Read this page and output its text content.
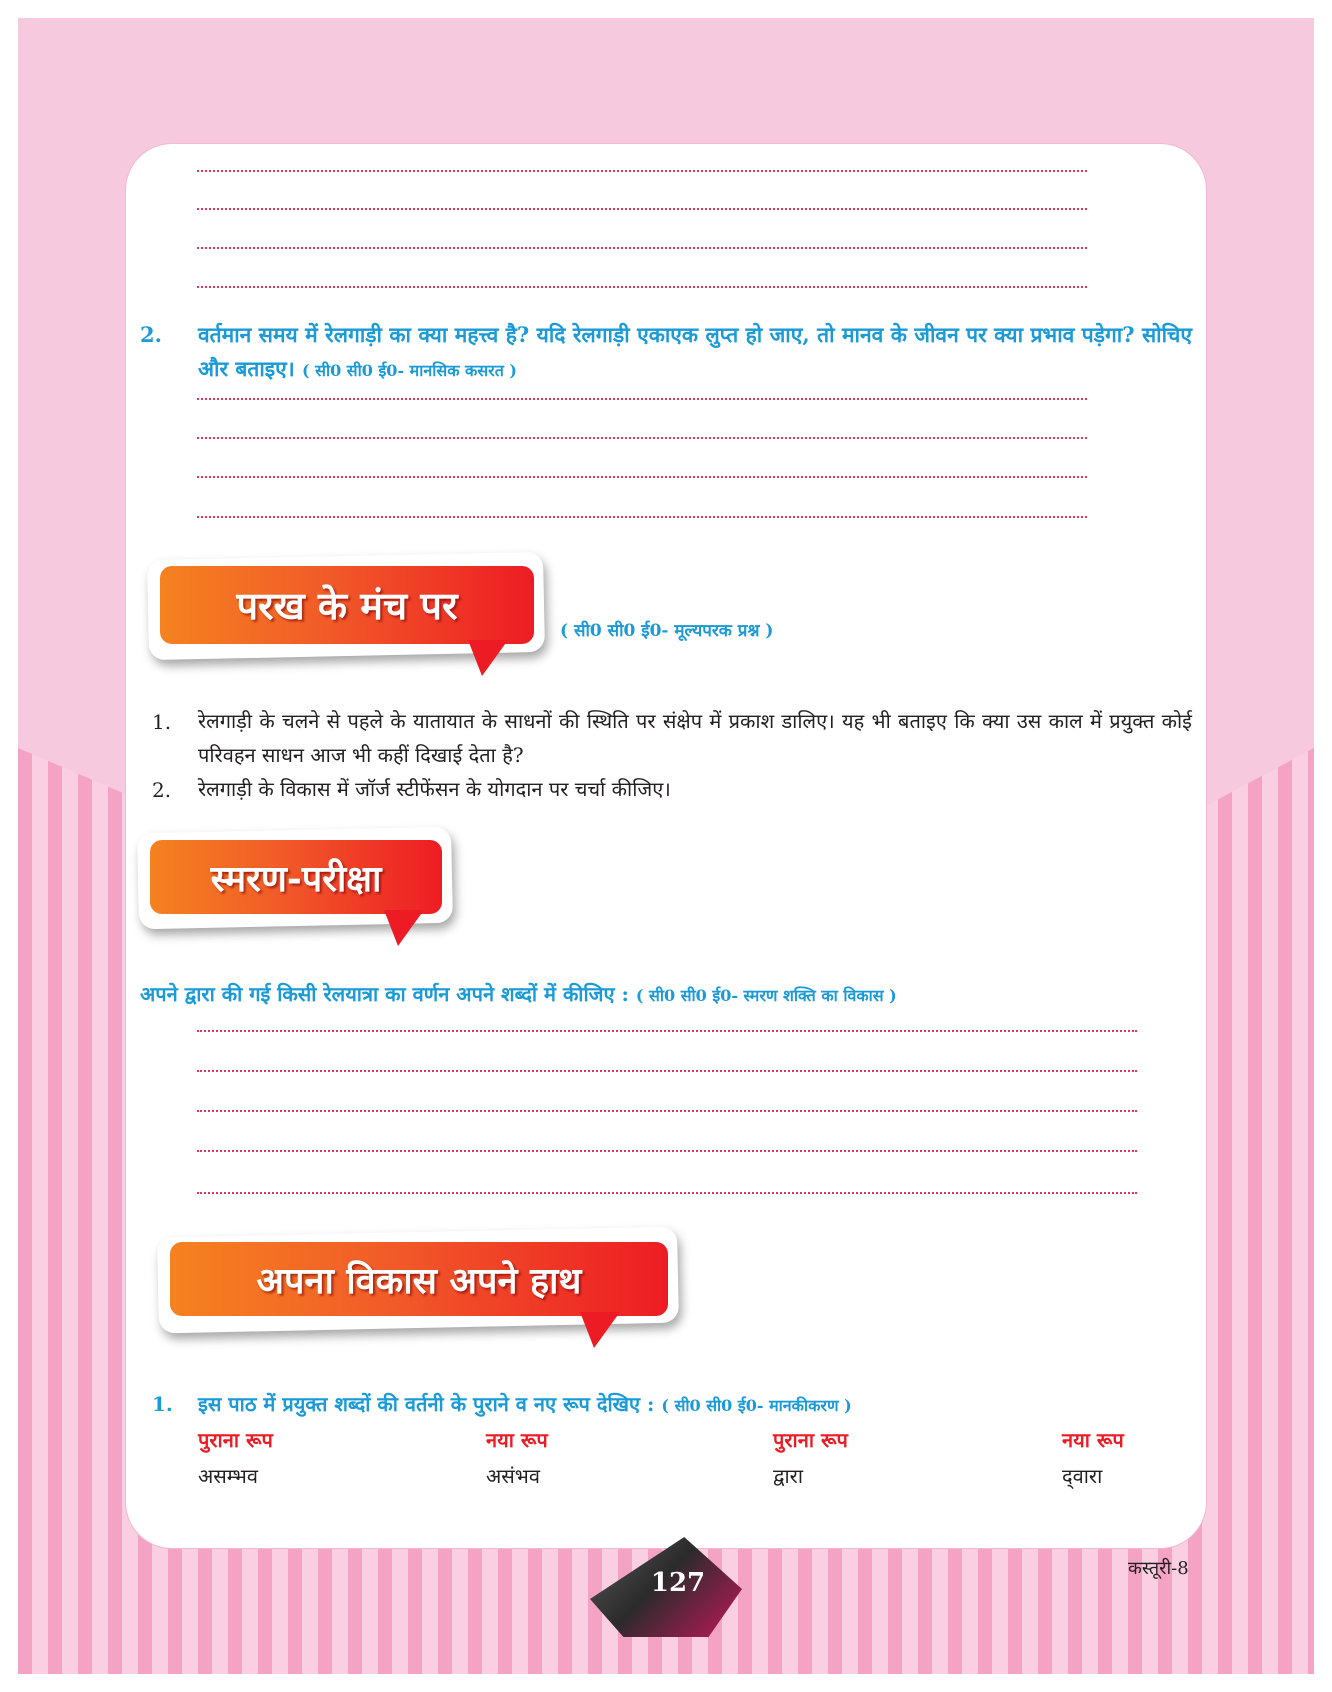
2. वर्तमान समय में रेलगाड़ी का क्या महत्त्व है? यदि रेलगाड़ी एकाएक लुप्त हो जाए, तो मानव के जीवन पर क्या प्रभाव पड़ेगा? सोचिए और बताइए। ( सी0 सी0 ई0- मानसिक कसरत )
परख के मंच पर
( सी0 सी0 ई0- मूल्यपरक प्रश्न )
1. रेलगाड़ी के चलने से पहले के यातायात के साधनों की स्थिति पर संक्षेप में प्रकाश डालिए। यह भी बताइए कि क्या उस काल में प्रयुक्त कोई परिवहन साधन आज भी कहीं दिखाई देता है?
2. रेलगाड़ी के विकास में जॉर्ज स्टीफेंसन के योगदान पर चर्चा कीजिए।
स्मरण-परीक्षा
अपने द्वारा की गई किसी रेलयात्रा का वर्णन अपने शब्दों में कीजिए : ( सी0 सी0 ई0- स्मरण शक्ति का विकास )
अपना विकास अपने हाथ
1. इस पाठ में प्रयुक्त शब्दों की वर्तनी के पुराने व नए रूप देखिए : ( सी0 सी0 ई0- मानकीकरण )
पुराना रूप	नया रूप	पुराना रूप	नया रूप
असम्भव	असंभव	द्वारा	द्‌वारा
127	कस्तूरी-8
